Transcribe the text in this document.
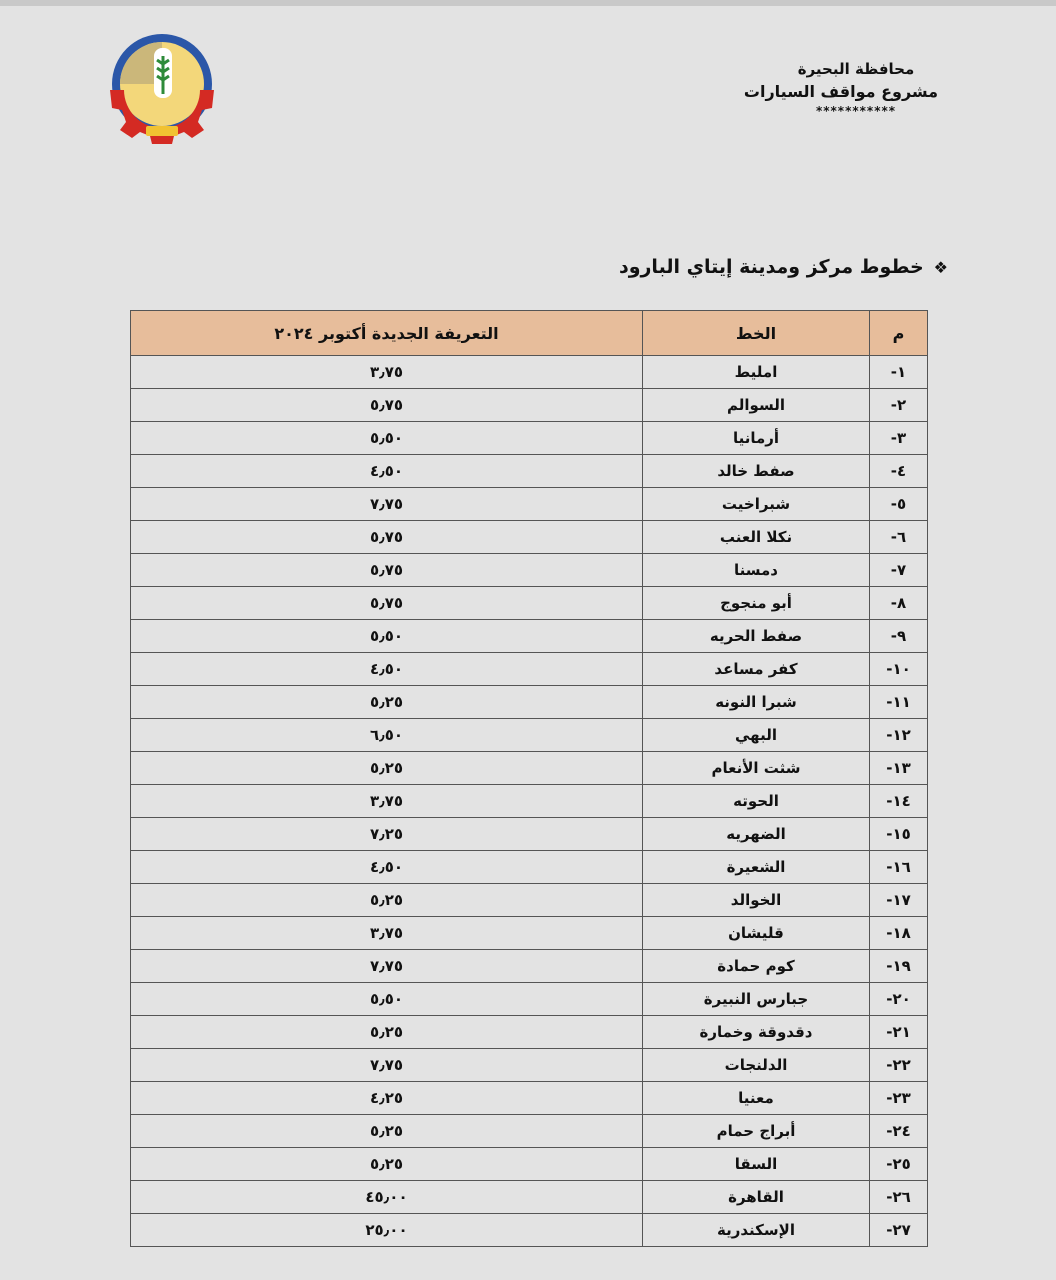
محافظة البحيرة
مشروع مواقف السيارات
***********
❖
خطوط مركز ومدينة إيتاي البارود
م	الخط	التعريفة الجديدة أكتوبر ٢٠٢٤
١-	امليط	٣٫٧٥
٢-	السوالم	٥٫٧٥
٣-	أرمانيا	٥٫٥٠
٤-	صفط خالد	٤٫٥٠
٥-	شبراخيت	٧٫٧٥
٦-	نكلا العنب	٥٫٧٥
٧-	دمسنا	٥٫٧٥
٨-	أبو منجوج	٥٫٧٥
٩-	صفط الحريه	٥٫٥٠
١٠-	كفر مساعد	٤٫٥٠
١١-	شبرا النونه	٥٫٢٥
١٢-	البهي	٦٫٥٠
١٣-	شثت الأنعام	٥٫٢٥
١٤-	الحوته	٣٫٧٥
١٥-	الضهريه	٧٫٢٥
١٦-	الشعيرة	٤٫٥٠
١٧-	الخوالد	٥٫٢٥
١٨-	قليشان	٣٫٧٥
١٩-	كوم حمادة	٧٫٧٥
٢٠-	جبارس النبيرة	٥٫٥٠
٢١-	دقدوقة وخمارة	٥٫٢٥
٢٢-	الدلنجات	٧٫٧٥
٢٣-	معنيا	٤٫٢٥
٢٤-	أبراج حمام	٥٫٢٥
٢٥-	السقا	٥٫٢٥
٢٦-	القاهرة	٤٥٫٠٠
٢٧-	الإسكندرية	٢٥٫٠٠
